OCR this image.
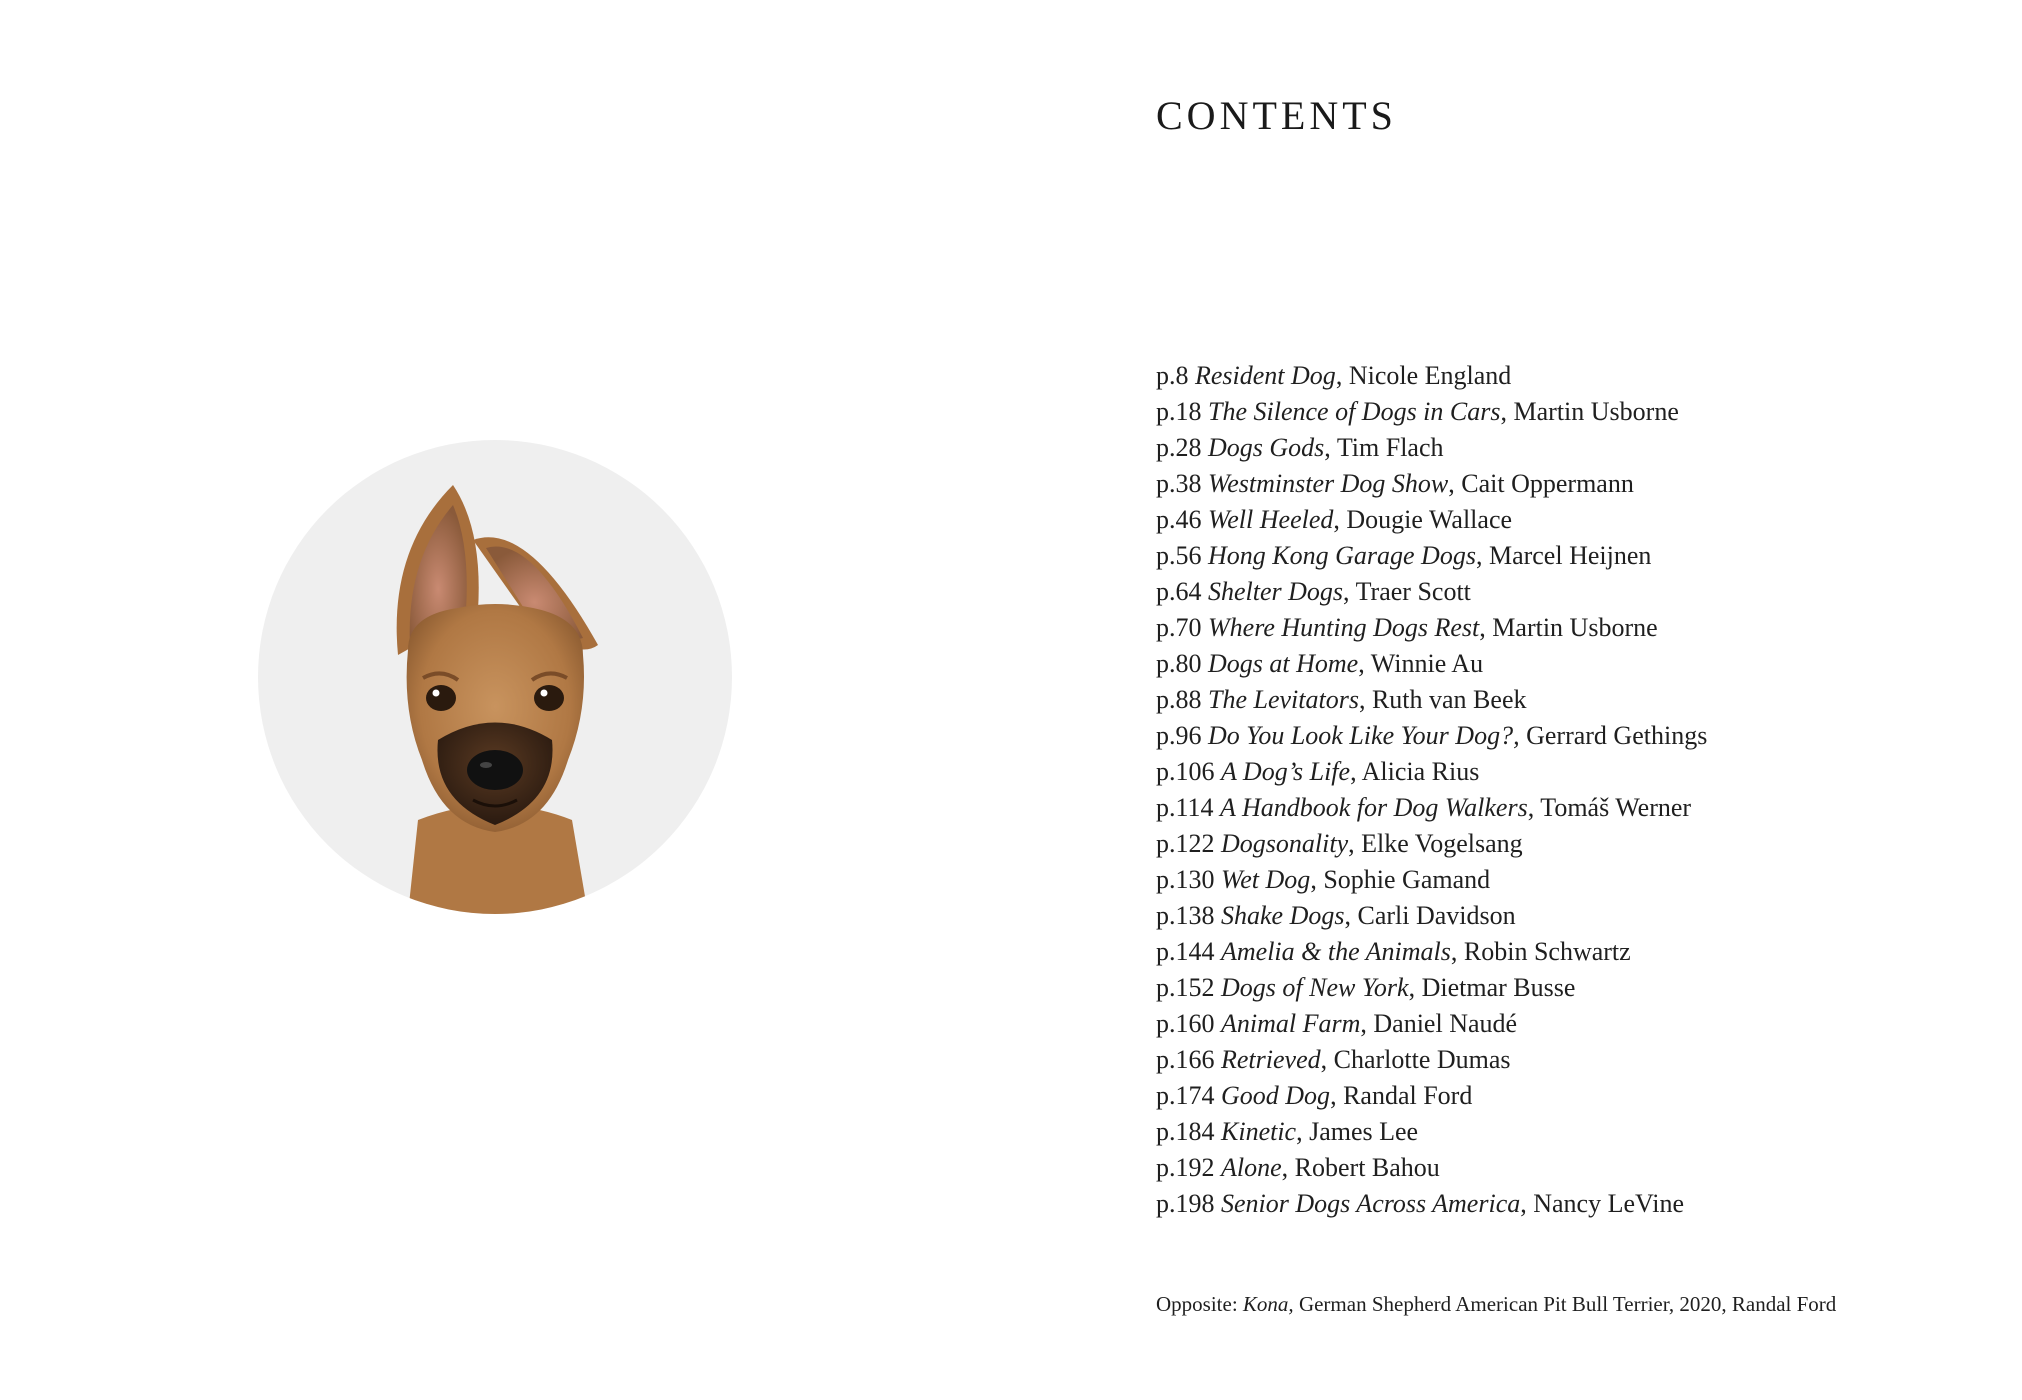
CONTENTS
p.8 Resident Dog, Nicole England
p.18 The Silence of Dogs in Cars, Martin Usborne
p.28 Dogs Gods, Tim Flach
p.38 Westminster Dog Show, Cait Oppermann
p.46 Well Heeled, Dougie Wallace
p.56 Hong Kong Garage Dogs, Marcel Heijnen
p.64 Shelter Dogs, Traer Scott
p.70 Where Hunting Dogs Rest, Martin Usborne
p.80 Dogs at Home, Winnie Au
p.88 The Levitators, Ruth van Beek
p.96 Do You Look Like Your Dog?, Gerrard Gethings
p.106 A Dog’s Life, Alicia Rius
p.114 A Handbook for Dog Walkers, Tomáš Werner
p.122 Dogsonality, Elke Vogelsang
p.130 Wet Dog, Sophie Gamand
p.138 Shake Dogs, Carli Davidson
p.144 Amelia & the Animals, Robin Schwartz
p.152 Dogs of New York, Dietmar Busse
p.160 Animal Farm, Daniel Naudé
p.166 Retrieved, Charlotte Dumas
p.174 Good Dog, Randal Ford
p.184 Kinetic, James Lee
p.192 Alone, Robert Bahou
p.198 Senior Dogs Across America, Nancy LeVine
Opposite: Kona, German Shepherd American Pit Bull Terrier, 2020, Randal Ford
